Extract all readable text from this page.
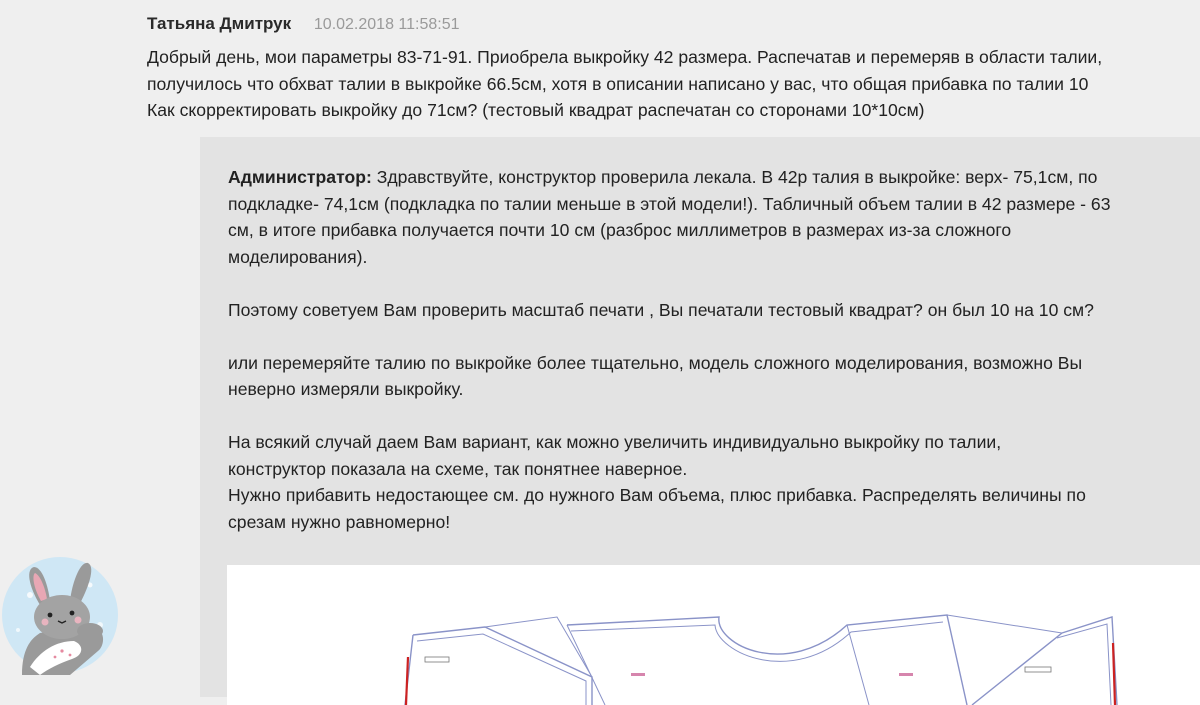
Татьяна Дмитрук 10.02.2018 11:58:51

Добрый день, мои параметры 83-71-91. Приобрела выкройку 42 размера. Распечатав и перемеряв в области талии,

получилось что обхват талии в выкройке 66.5см, хотя в описании написано у вас, что общая прибавка по талии 10

Как скорректировать выкройку до 71см? (тестовый квадрат распечатан со сторонами 10*10см)

Администратор: Здравствуйте, конструктор проверила лекала. В 42р талия в выкройке: верх- 75,1см, по

подкладке- 74,1см (подкладка по талии меньше в этой модели!). Табличный объем талии в 42 размере - 63

см, в итоге прибавка получается почти 10 см (разброс миллиметров в размерах из-за сложного

моделирования).

Поэтому советуем Вам проверить масштаб печати , Вы печатали тестовый квадрат? он был 10 на 10 см?

или перемеряйте талию по выкройке более тщательно, модель сложного моделирования, возможно Вы

неверно измеряли выкройку.

На всякий случай даем Вам вариант, как можно увеличить индивидуально выкройку по талии,

конструктор показала на схеме, так понятнее наверное.

Нужно прибавить недостающее см. до нужного Вам объема, плюс прибавка. Распределять величины по

срезам нужно равномерно!
